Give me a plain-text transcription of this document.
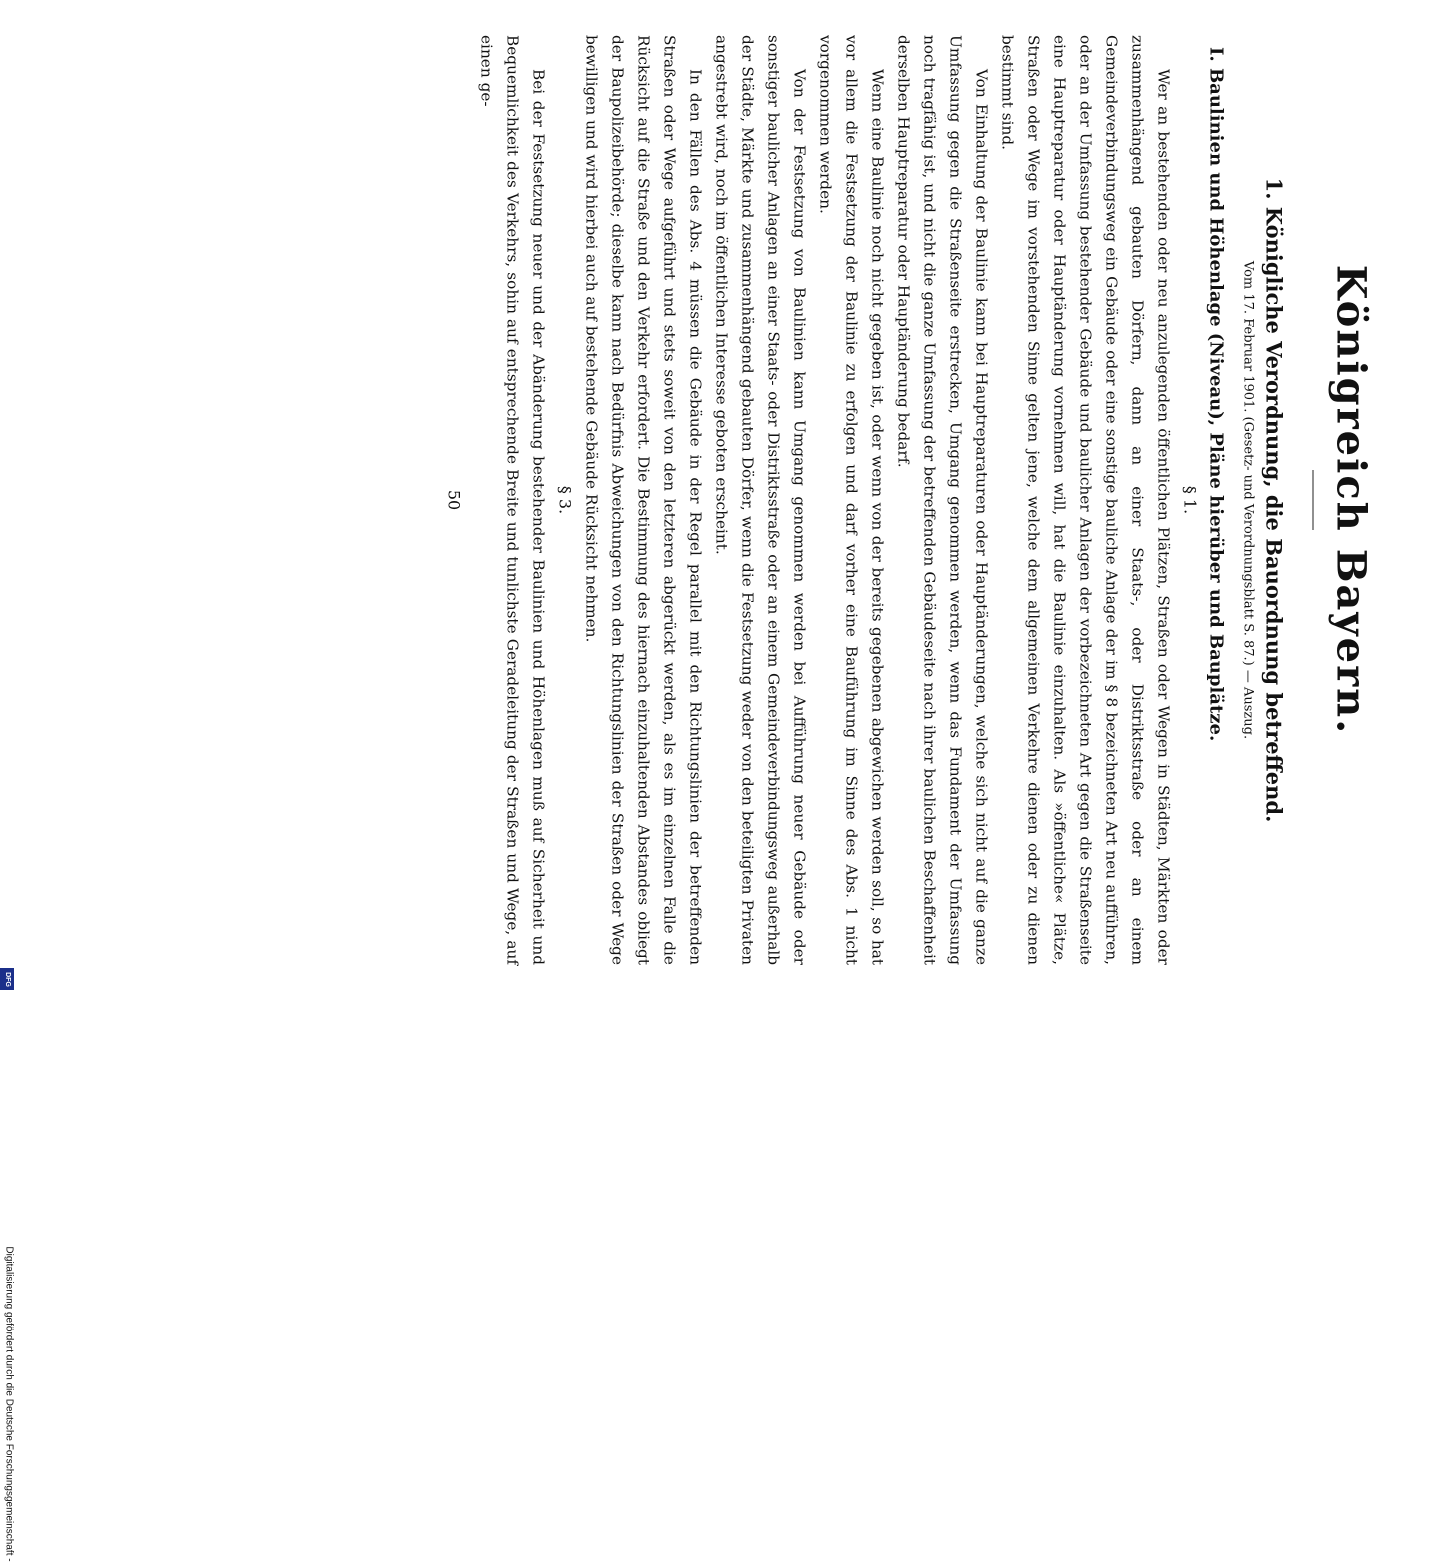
Königreich Bayern.
1. Königliche Verordnung, die Bauordnung betreffend.
Vom 17. Februar 1901. (Gesetz- und Verordnungsblatt S. 87.) — Auszug.
I. Baulinien und Höhenlage (Niveau), Pläne hierüber und Bauplätze.
§ 1.

Wer an bestehenden oder neu anzulegenden öffentlichen Plätzen, Straßen oder Wegen in Städten, Märkten oder zusammenhängend gebauten Dörfern, dann an einer Staats-, oder Distriktsstraße oder an einem Gemeindeverbindungsweg ein Gebäude oder eine sonstige bauliche Anlage der im § 8 bezeichneten Art neu aufführen, oder an der Umfassung bestehender Gebäude und baulicher Anlagen der vorbezeichneten Art gegen die Straßenseite eine Hauptreparatur oder Hauptänderung vornehmen will, hat die Baulinie einzuhalten. Als »öffentliche« Plätze, Straßen oder Wege im vorstehenden Sinne gelten jene, welche dem allgemeinen Verkehre dienen oder zu dienen bestimmt sind.

Von Einhaltung der Baulinie kann bei Hauptreparaturen oder Hauptänderungen, welche sich nicht auf die ganze Umfassung gegen die Straßenseite erstrecken, Umgang genommen werden, wenn das Fundament der Umfassung noch tragfähig ist, und nicht die ganze Umfassung der betreffenden Gebäudeseite nach ihrer baulichen Beschaffenheit derselben Hauptreparatur oder Hauptänderung bedarf.

Wenn eine Baulinie noch nicht gegeben ist, oder wenn von der bereits gegebenen abgewichen werden soll, so hat vor allem die Festsetzung der Baulinie zu erfolgen und darf vorher eine Bauführung im Sinne des Abs. 1 nicht vorgenommen werden.

Von der Festsetzung von Baulinien kann Umgang genommen werden bei Aufführung neuer Gebäude oder sonstiger baulicher Anlagen an einer Staats- oder Distriktsstraße oder an einem Gemeindeverbindungsweg außerhalb der Städte, Märkte und zusammenhängend gebauten Dörfer, wenn die Festsetzung weder von den beteiligten Privaten angestrebt wird, noch im öffentlichen Interesse geboten erscheint.

In den Fällen des Abs. 4 müssen die Gebäude in der Regel parallel mit den Richtungslinien der betreffenden Straßen oder Wege aufgeführt und stets soweit von den letzteren abgerückt werden, als es im einzelnen Falle die Rücksicht auf die Straße und den Verkehr erfordert. Die Bestimmung des hiernach einzuhaltenden Abstandes obliegt der Baupolizeibehörde; dieselbe kann nach Bedürfnis Abweichungen von den Richtungslinien der Straßen oder Wege bewilligen und wird hierbei auch auf bestehende Gebäude Rücksicht nehmen.

§ 3.

Bei der Festsetzung neuer und der Abänderung bestehender Baulinien und Höhenlagen muß auf Sicherheit und Bequemlichkeit des Verkehrs, sohin auf entsprechende Breite und tunlichste Geradeleitung der Straßen und Wege, auf einen ge-

50
Digitalisierung gefördert durch die Deutsche Forschungsgemeinschaft -
DFG
